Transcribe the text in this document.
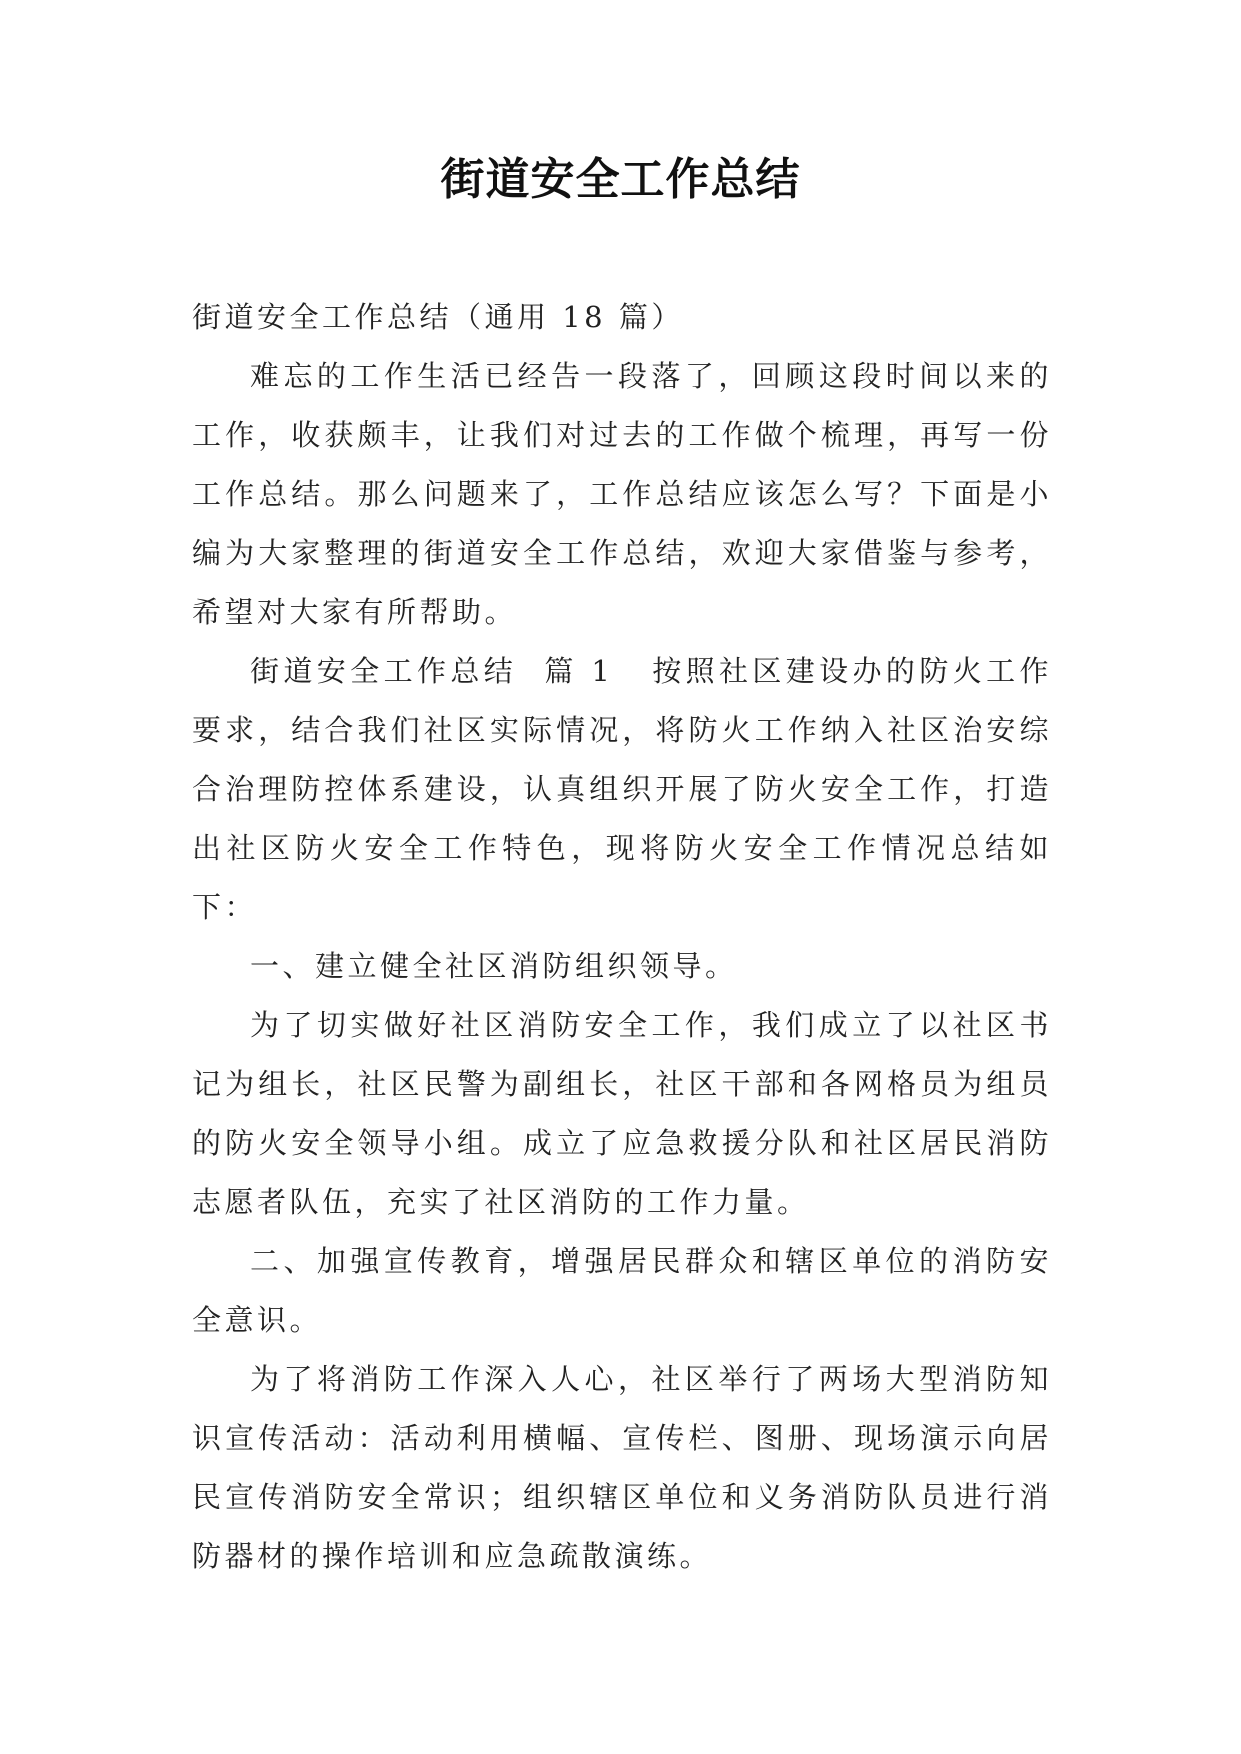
街道安全工作总结

街道安全工作总结（通用 18 篇）

难忘的工作生活已经告一段落了，回顾这段时间以来的工作，收获颇丰，让我们对过去的工作做个梳理，再写一份工作总结。那么问题来了，工作总结应该怎么写？下面是小编为大家整理的街道安全工作总结，欢迎大家借鉴与参考，希望对大家有所帮助。

街道安全工作总结  篇 1 按照社区建设办的防火工作要求，结合我们社区实际情况，将防火工作纳入社区治安综合治理防控体系建设，认真组织开展了防火安全工作，打造出社区防火安全工作特色，现将防火安全工作情况总结如下：

一、建立健全社区消防组织领导。

为了切实做好社区消防安全工作，我们成立了以社区书记为组长，社区民警为副组长，社区干部和各网格员为组员的防火安全领导小组。成立了应急救援分队和社区居民消防志愿者队伍，充实了社区消防的工作力量。

二、加强宣传教育，增强居民群众和辖区单位的消防安全意识。

为了将消防工作深入人心，社区举行了两场大型消防知识宣传活动：活动利用横幅、宣传栏、图册、现场演示向居民宣传消防安全常识；组织辖区单位和义务消防队员进行消防器材的操作培训和应急疏散演练。
